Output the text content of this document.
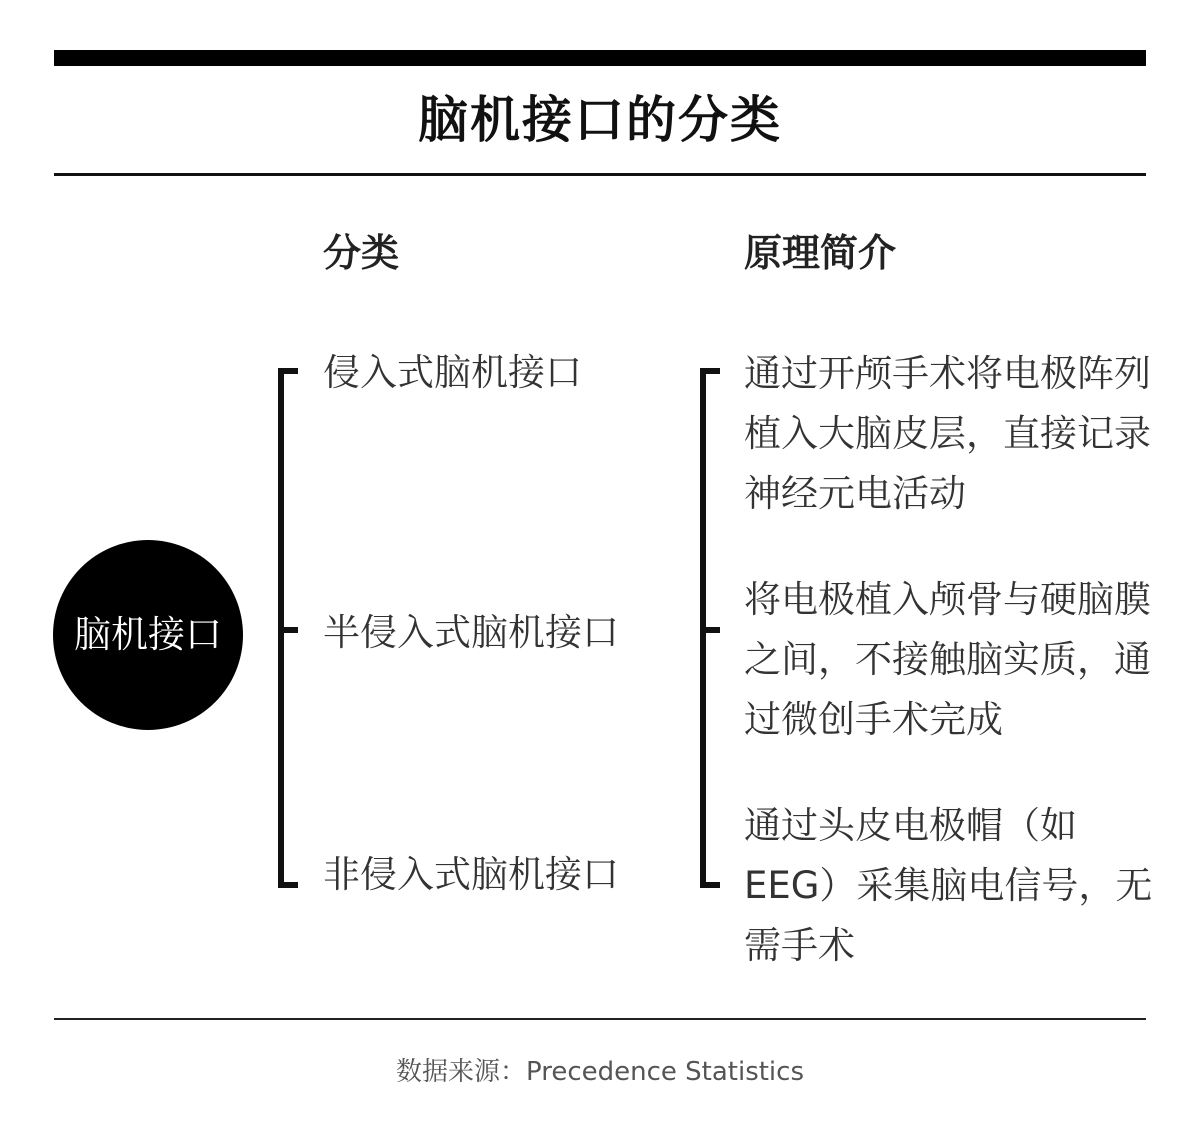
脑机接口的分类
分类	原理简介
脑机接口
侵入式脑机接口
半侵入式脑机接口
非侵入式脑机接口
通过开颅手术将电极阵列植入大脑皮层，直接记录神经元电活动
将电极植入颅骨与硬脑膜之间，不接触脑实质，通过微创手术完成
通过头皮电极帽（如EEG）采集脑电信号，无需手术
数据来源：Precedence Statistics
